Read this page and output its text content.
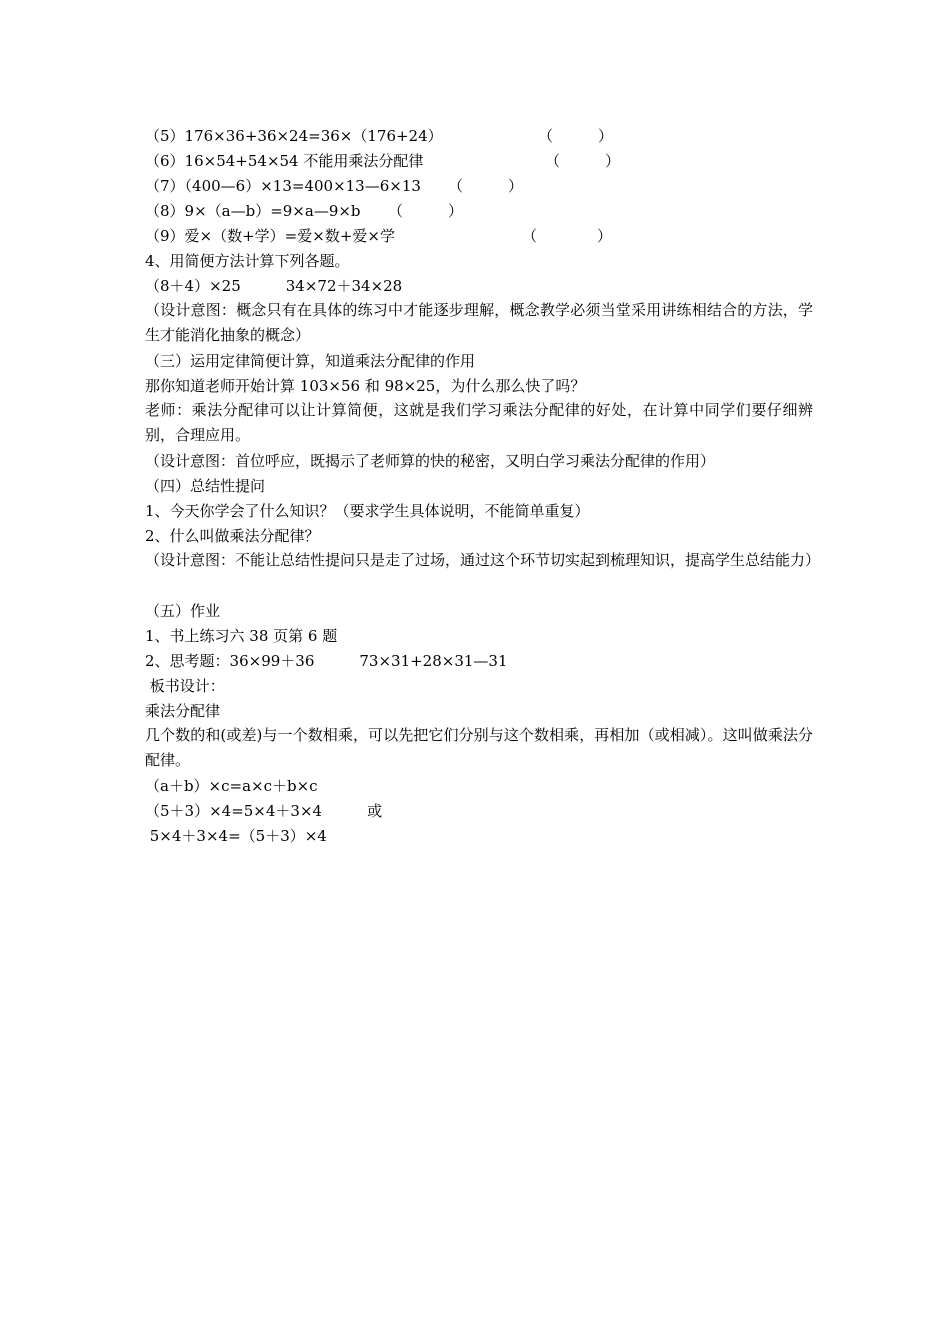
（5）176×36+36×24=36×（176+24）	（　　　）
（6）16×54+54×54 不能用乘法分配律	（　　　）
（7）（400—6）×13=400×13—6×13 （　　　）
（8）9×（a—b）=9×a—9×b （　　　）
（9）爱×（数+学）=爱×数+爱×学	（　　　　）
4、用简便方法计算下列各题。
（8＋4）×25　　　34×72＋34×28
（设计意图：概念只有在具体的练习中才能逐步理解，概念教学必须当堂采用讲练相结合的方法，学生才能消化抽象的概念）
（三）运用定律简便计算，知道乘法分配律的作用
那你知道老师开始计算 103×56 和 98×25，为什么那么快了吗？
老师：乘法分配律可以让计算简便，这就是我们学习乘法分配律的好处，在计算中同学们要仔细辨别，合理应用。
（设计意图：首位呼应，既揭示了老师算的快的秘密，又明白学习乘法分配律的作用）
（四）总结性提问
1、今天你学会了什么知识？（要求学生具体说明，不能简单重复）
2、什么叫做乘法分配律？
（设计意图：不能让总结性提问只是走了过场，通过这个环节切实起到梳理知识，提高学生总结能力）
（五）作业
1、书上练习六 38 页第 6 题
2、思考题：36×99＋36　　　73×31+28×31—31
板书设计：
乘法分配律
几个数的和(或差)与一个数相乘，可以先把它们分别与这个数相乘，再相加（或相减）。这叫做乘法分配律。
（a＋b）×c=a×c＋b×c
（5＋3）×4=5×4＋3×4　　　或
5×4＋3×4=（5＋3）×4
